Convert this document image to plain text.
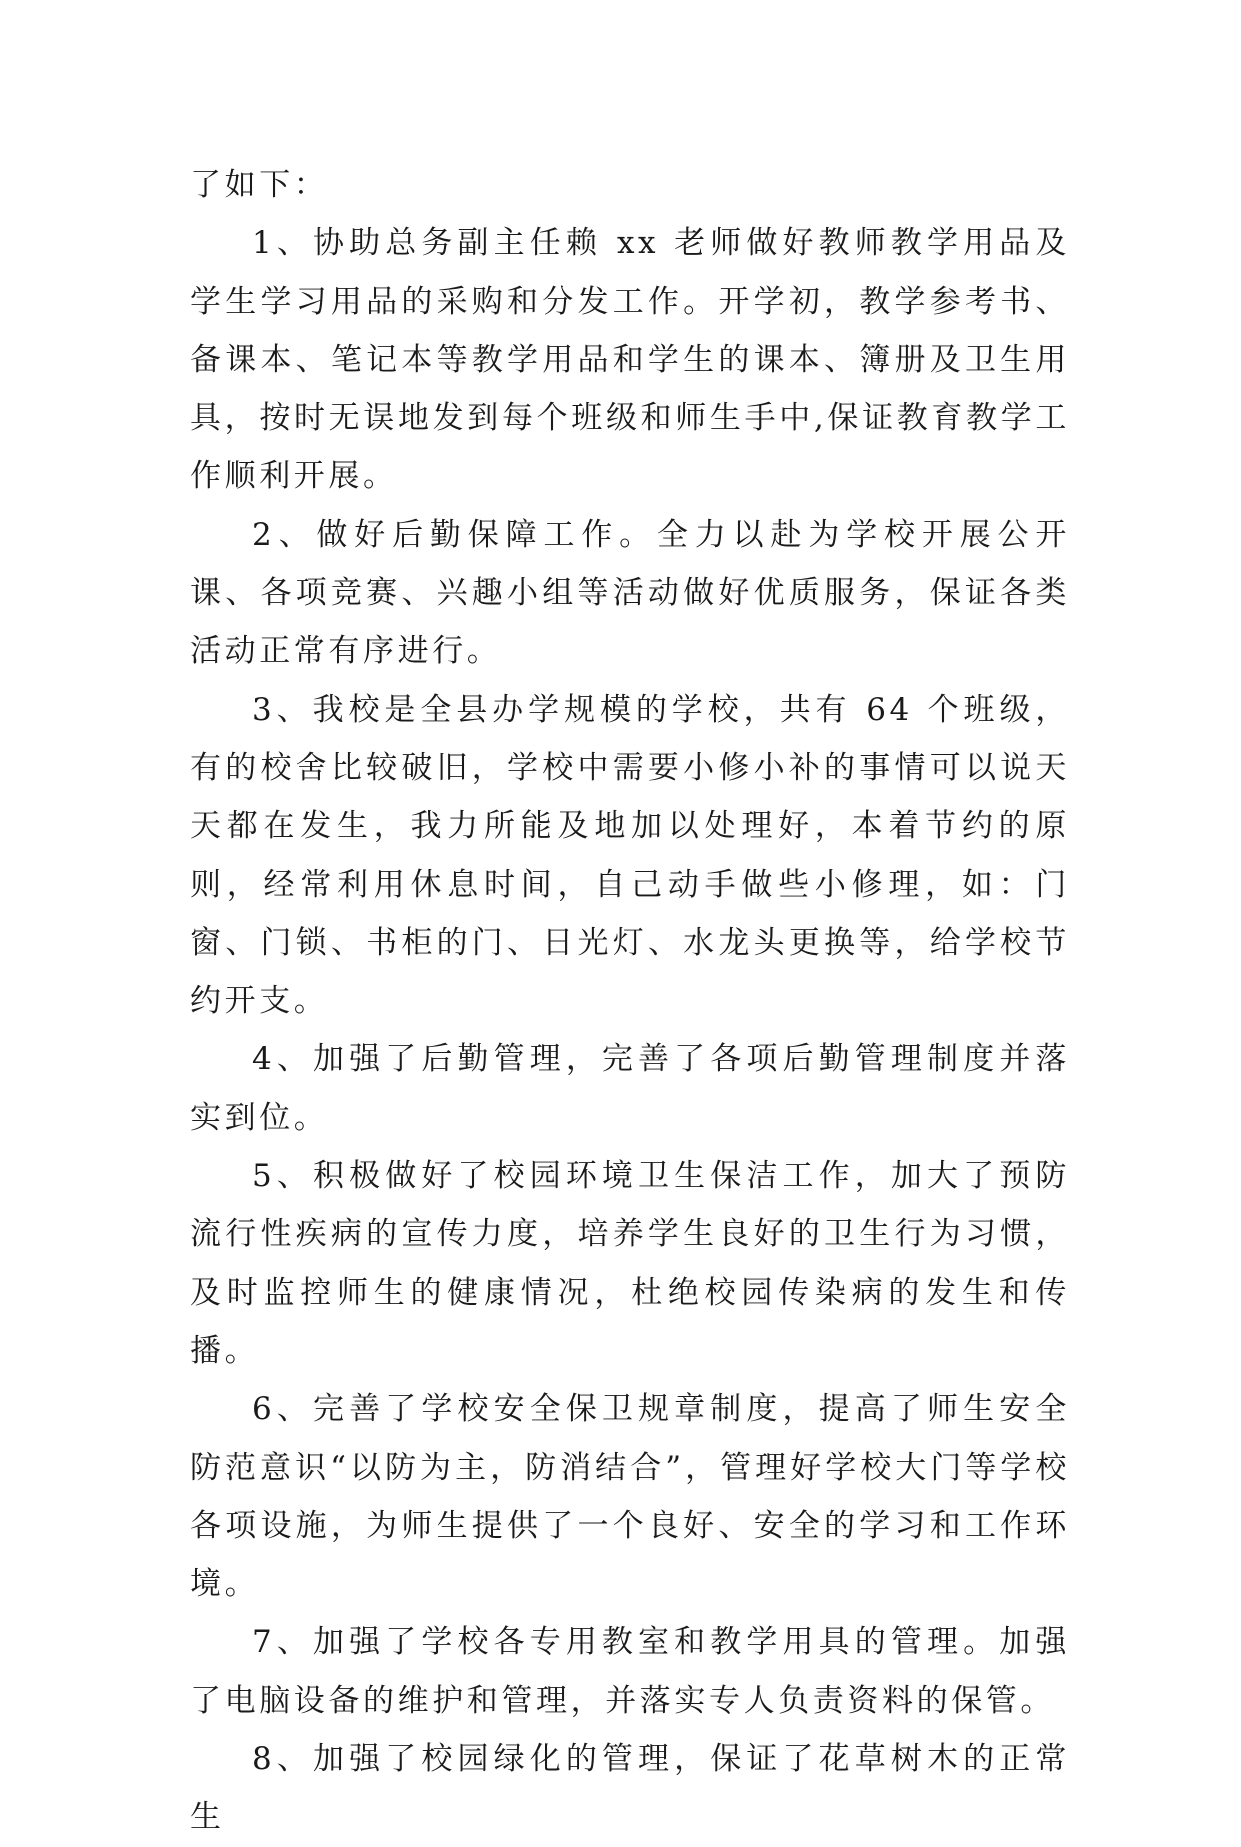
了如下：

1、协助总务副主任赖 xx 老师做好教师教学用品及学生学习用品的采购和分发工作。开学初，教学参考书、备课本、笔记本等教学用品和学生的课本、簿册及卫生用具，按时无误地发到每个班级和师生手中,保证教育教学工作顺利开展。

2、做好后勤保障工作。全力以赴为学校开展公开课、各项竞赛、兴趣小组等活动做好优质服务，保证各类活动正常有序进行。

3、我校是全县办学规模的学校，共有 64 个班级，有的校舍比较破旧，学校中需要小修小补的事情可以说天天都在发生，我力所能及地加以处理好，本着节约的原则，经常利用休息时间，自己动手做些小修理，如：门窗、门锁、书柜的门、日光灯、水龙头更换等，给学校节约开支。

4、加强了后勤管理，完善了各项后勤管理制度并落实到位。

5、积极做好了校园环境卫生保洁工作，加大了预防流行性疾病的宣传力度，培养学生良好的卫生行为习惯，及时监控师生的健康情况，杜绝校园传染病的发生和传播。

6、完善了学校安全保卫规章制度，提高了师生安全防范意识“以防为主，防消结合”，管理好学校大门等学校各项设施，为师生提供了一个良好、安全的学习和工作环境。

7、加强了学校各专用教室和教学用具的管理。加强了电脑设备的维护和管理，并落实专人负责资料的保管。

8、加强了校园绿化的管理，保证了花草树木的正常生
